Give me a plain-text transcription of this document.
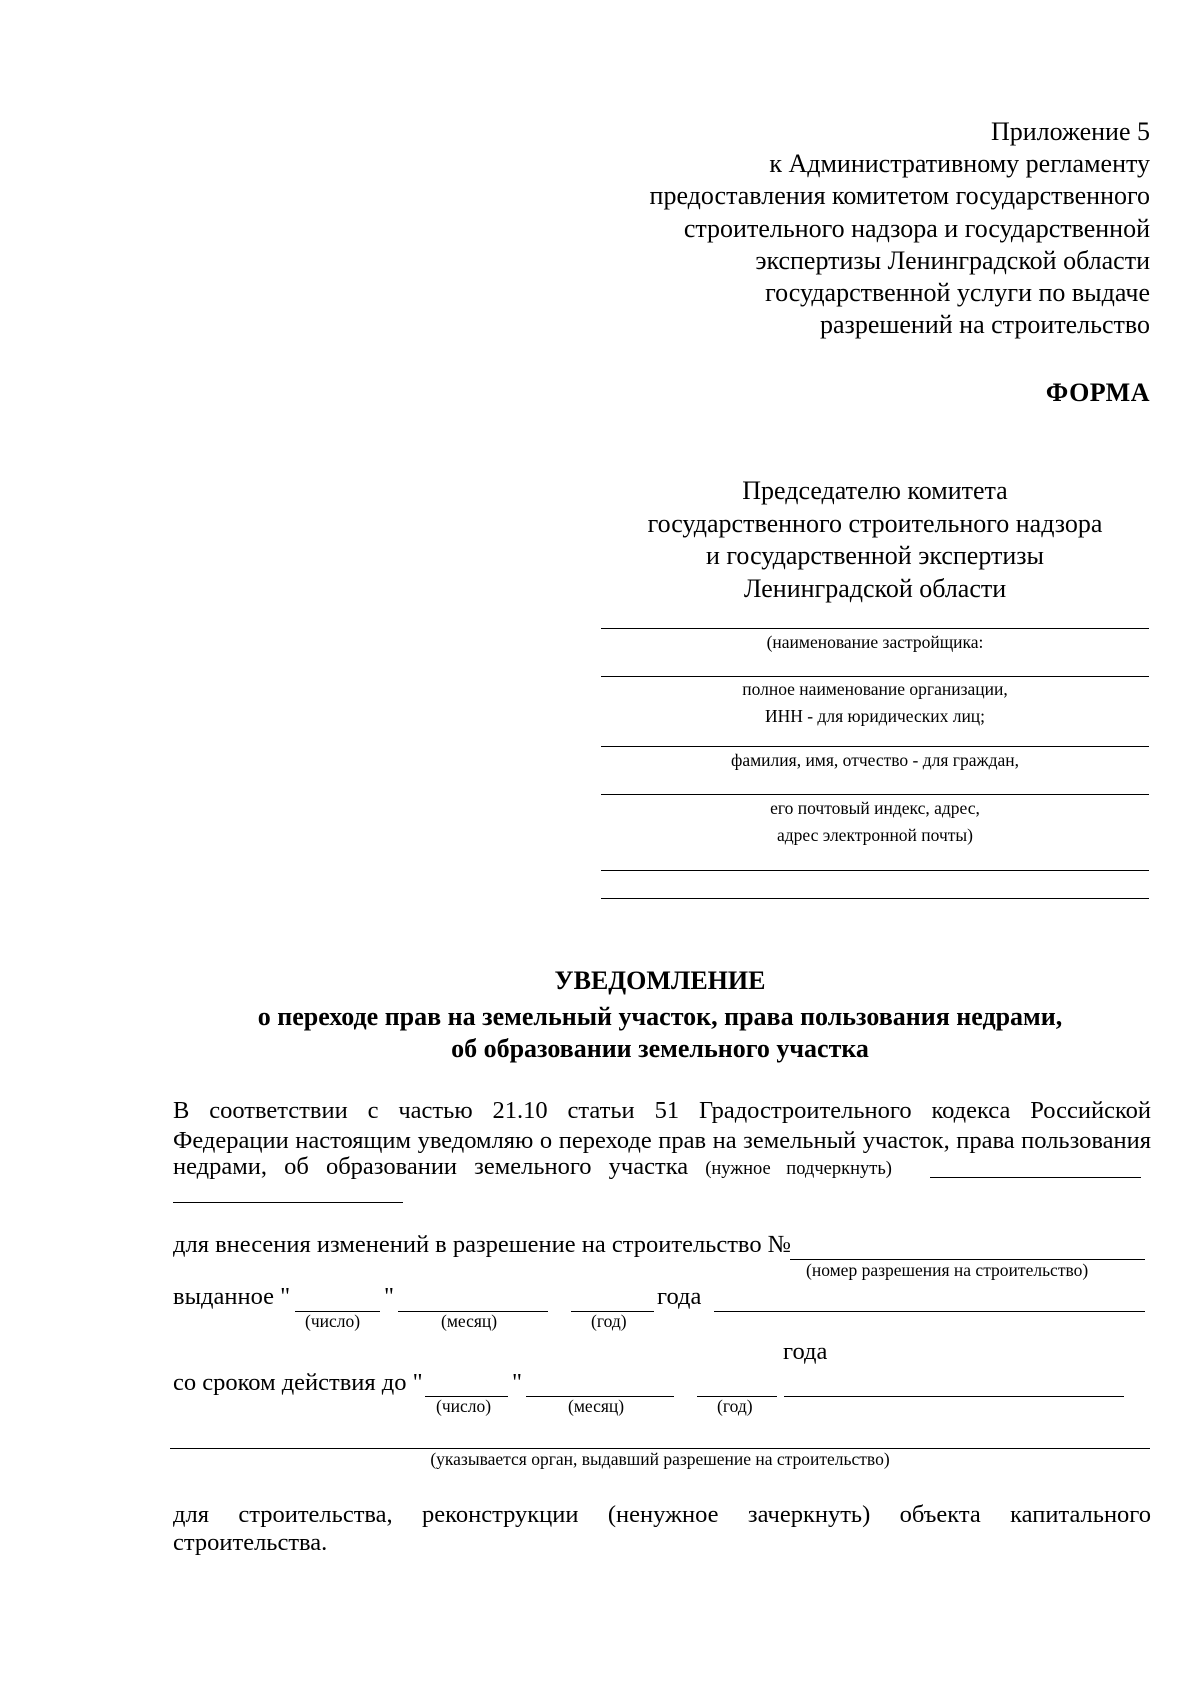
Приложение 5
к Административному регламенту
предоставления комитетом государственного
строительного надзора и государственной
экспертизы Ленинградской области
государственной услуги по выдаче
разрешений на строительство
ФОРМА
Председателю комитета
государственного строительного надзора
и государственной экспертизы
Ленинградской области
(наименование застройщика:
полное наименование организации,
ИНН - для юридических лиц;
фамилия, имя, отчество - для граждан,
его почтовый индекс, адрес,
адрес электронной почты)
УВЕДОМЛЕНИЕ
о переходе прав на земельный участок, права пользования недрами,
об образовании земельного участка
В соответствии с частью 21.10 статьи 51 Градостроительного кодекса Российской
Федерации настоящим уведомляю о переходе прав на земельный участок, права пользования
недрами, об образовании земельного участка (нужное подчеркнуть)
для внесения изменений в разрешение на строительство №
(номер разрешения на строительство)
выданное "	"	года
(число)	(месяц)	(год)
года
со сроком действия до "	"
(число)	(месяц)	(год)
(указывается орган, выдавший разрешение на строительство)
для строительства, реконструкции (ненужное зачеркнуть) объекта капитального
строительства.
